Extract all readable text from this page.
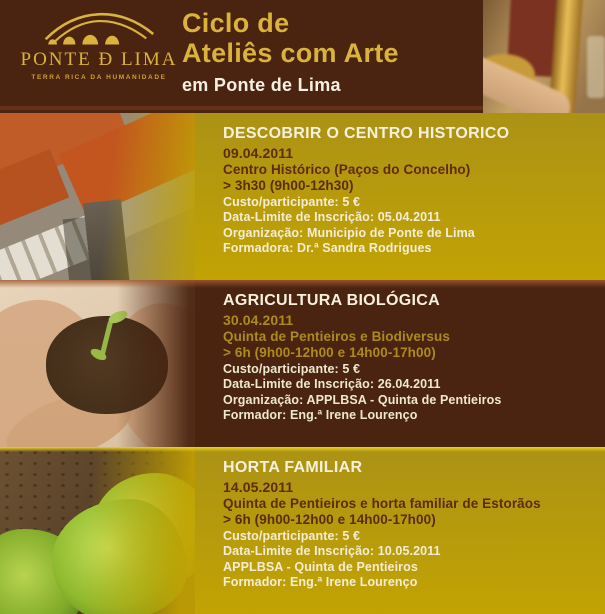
PONTE Ð LIMA
TERRA RICA DA HUMANIDADE
Ciclo de
Ateliês com Arte
em Ponte de Lima
DESCOBRIR O CENTRO HISTORICO
09.04.2011
Centro Histórico (Paços do Concelho)
> 3h30 (9h00-12h30)
Custo/participante: 5 €
Data-Limite de Inscrição: 05.04.2011
Organização: Municipio de Ponte de Lima
Formadora: Dr.ª Sandra Rodrigues
AGRICULTURA BIOLÓGICA
30.04.2011
Quinta de Pentieiros e Biodiversus
> 6h (9h00-12h00 e 14h00-17h00)
Custo/participante: 5 €
Data-Limite de Inscrição: 26.04.2011
Organização: APPLBSA - Quinta de Pentieiros
Formador: Eng.ª Irene Lourenço
HORTA FAMILIAR
14.05.2011
Quinta de Pentieiros e horta familiar de Estorãos
> 6h (9h00-12h00 e 14h00-17h00)
Custo/participante: 5 €
Data-Limite de Inscrição: 10.05.2011
APPLBSA - Quinta de Pentieiros
Formador: Eng.ª Irene Lourenço
